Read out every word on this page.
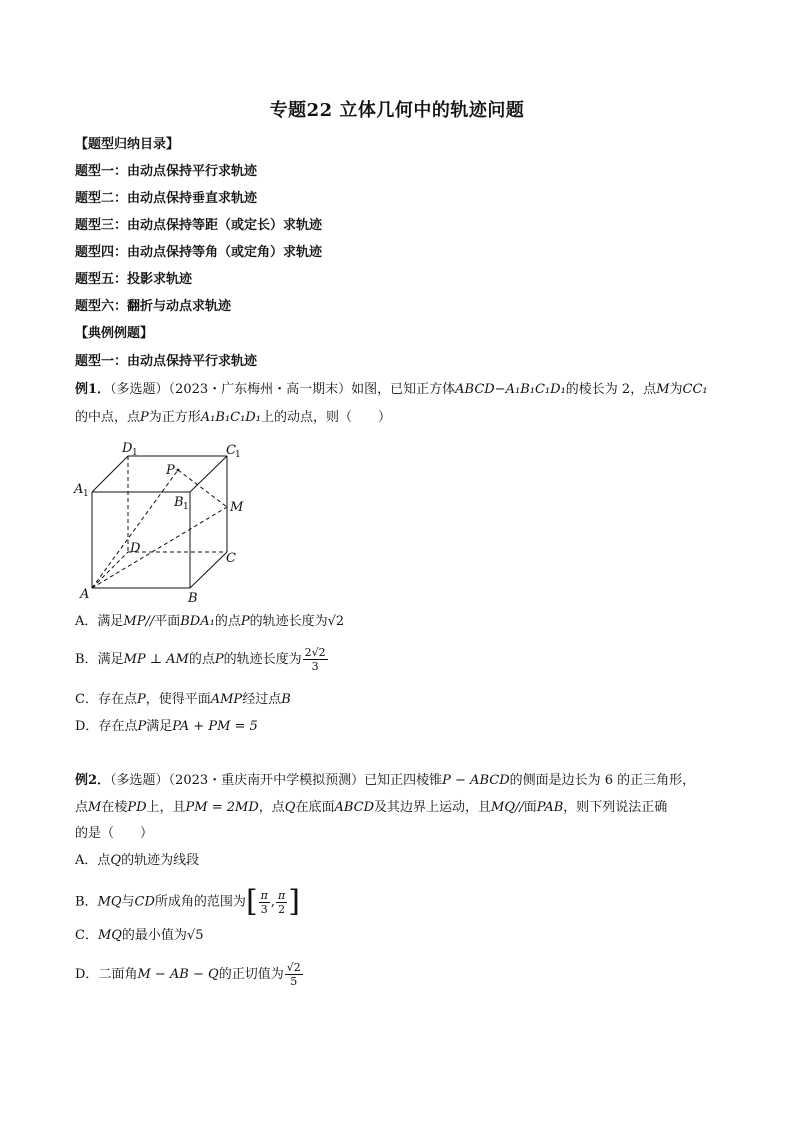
专题22 立体几何中的轨迹问题
【题型归纳目录】
题型一：由动点保持平行求轨迹
题型二：由动点保持垂直求轨迹
题型三：由动点保持等距（或定长）求轨迹
题型四：由动点保持等角（或定角）求轨迹
题型五：投影求轨迹
题型六：翻折与动点求轨迹
【典例例题】
题型一：由动点保持平行求轨迹
例1．（多选题）（2023・广东梅州・高一期末）如图，已知正方体ABCD−A₁B₁C₁D₁的棱长为 2，点M为CC₁
的中点，点P为正方形A₁B₁C₁D₁上的动点，则（　　）
D 1	C 1
A 1
P
B 1	M
D
C
A	B
A．满足MP//平面BDA₁的点P的轨迹长度为√2
B．满足MP ⊥ AM的点P的轨迹长度为 $\frac{2√2}{3}$
C．存在点P，使得平面AMP经过点B
D．存在点P满足PA + PM = 5
例2．（多选题）（2023・重庆南开中学模拟预测）已知正四棱锥P − ABCD的侧面是边长为 6 的正三角形，
点M在棱PD上，且PM = 2MD，点Q在底面ABCD及其边界上运动，且MQ//面PAB，则下列说法正确
的是（　　）
A．点Q的轨迹为线段
B．MQ与CD所成角的范围为[ $\frac{\pi}{3}$ , $\frac{\pi}{2}$ ]
C．MQ的最小值为√5
D．二面角M − AB − Q的正切值为 $\frac{√2}{5}$
